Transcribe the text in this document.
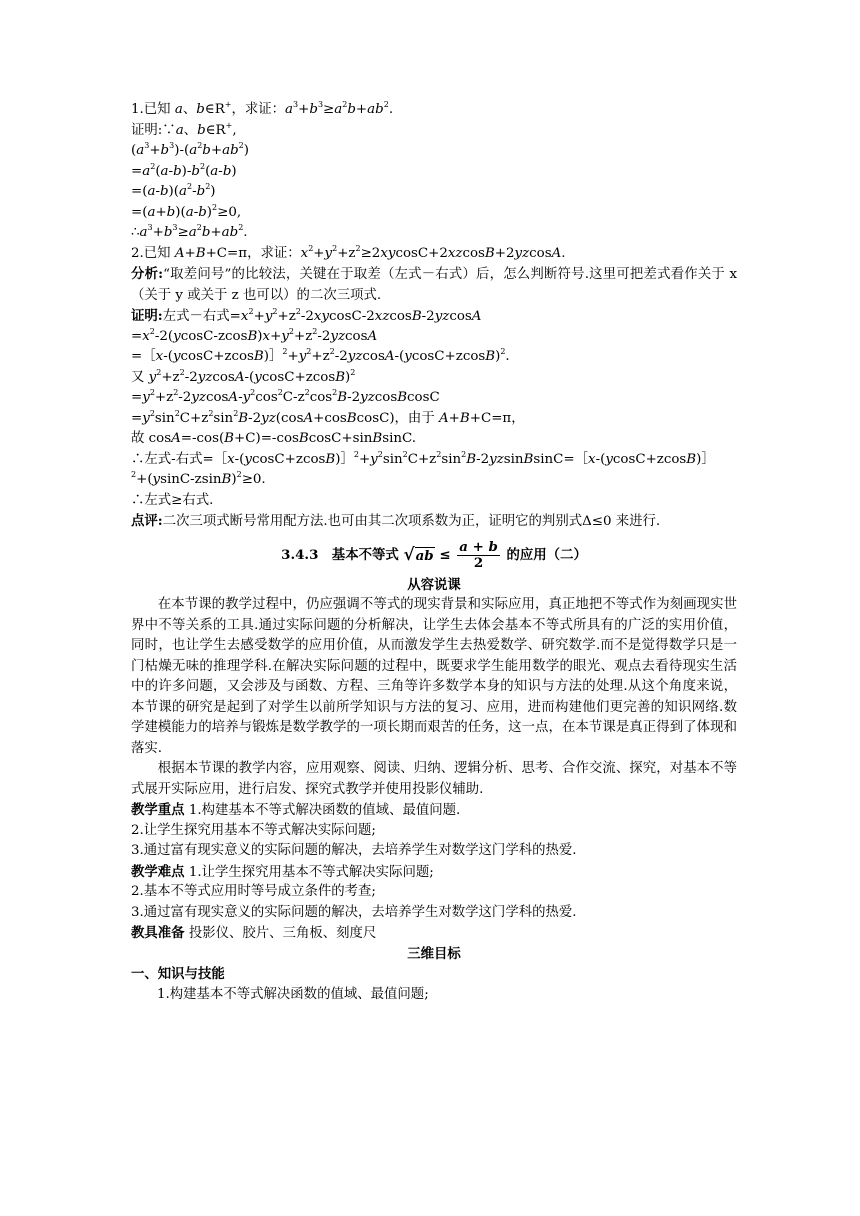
1.已知 a、b∈R+，求证：$a^3+b^3\ge a^2b+ab^2$.
证明:∵a、b∈R+,
$(a^3+b^3)-(a^2b+ab^2)$
$=a^2(a-b)-b^2(a-b)$
$=(a-b)(a^2-b^2)$
$=(a+b)(a-b)^2\ge 0$,
$\therefore a^3+b^3\ge a^2b+ab^2$.
2.已知 A+B+C=π，求证：$x^2+y^2+z^2\ge 2xycosC+2xzcosB+2yzcosA$.
分析:“取差问号”的比较法，关键在于取差（左式－右式）后，怎么判断符号.这里可把差式看作关于 x（关于 y 或关于 z 也可以）的二次三项式.
证明:左式－右式$=x^2+y^2+z^2-2xycosC-2xzcosB-2yzcosA$
$=x^2-2(ycosC-zcosB)x+y^2+z^2-2yzcosA$
$=[x-(ycosC+zcosB)]^2+y^2+z^2-2yzcosA-(ycosC+zcosB)^2$.
又 $y^2+z^2-2yzcosA-(ycosC+zcosB)^2$
$=y^2+z^2-2yzcosA-y^2\cos^2C-z^2\cos^2B-2yzcosBcosC$
$=y^2\sin^2C+z^2\sin^2B-2yz(\cos A+cosBcosC)$，由于 A+B+C=π，
故 cosA=-cos(B+C)=-cosBcosC+sinBsinC.
∴左式-右式$=[x-(ycosC+zcosB)]^2+y^2\sin^2C+z^2\sin^2B-2yzsinBsinC=[x-(ycosC+zcosB)]$
$^2+(ysinC-zsinB)^2\ge 0$.
∴左式≥右式.
点评:二次三项式断号常用配方法.也可由其二次项系数为正，证明它的判别式Δ≤0 来进行.
3.4.3　基本不等式 $√ab \le \frac{a + b}{2}$ 的应用（二）
从容说课
在本节课的教学过程中，仍应强调不等式的现实背景和实际应用，真正地把不等式作为刻画现实世界中不等关系的工具.通过实际问题的分析解决，让学生去体会基本不等式所具有的广泛的实用价值，同时，也让学生去感受数学的应用价值，从而激发学生去热爱数学、研究数学.而不是觉得数学只是一门枯燥无味的推理学科.在解决实际问题的过程中，既要求学生能用数学的眼光、观点去看待现实生活中的许多问题，又会涉及与函数、方程、三角等许多数学本身的知识与方法的处理.从这个角度来说，本节课的研究是起到了对学生以前所学知识与方法的复习、应用，进而构建他们更完善的知识网络.数学建模能力的培养与锻炼是数学教学的一项长期而艰苦的任务，这一点，在本节课是真正得到了体现和落实.
根据本节课的教学内容，应用观察、阅读、归纳、逻辑分析、思考、合作交流、探究，对基本不等式展开实际应用，进行启发、探究式教学并使用投影仪辅助.
教学重点 1.构建基本不等式解决函数的值域、最值问题.
2.让学生探究用基本不等式解决实际问题;
3.通过富有现实意义的实际问题的解决，去培养学生对数学这门学科的热爱.
教学难点 1.让学生探究用基本不等式解决实际问题;
2.基本不等式应用时等号成立条件的考查;
3.通过富有现实意义的实际问题的解决，去培养学生对数学这门学科的热爱.
教具准备 投影仪、胶片、三角板、刻度尺
三维目标
一、知识与技能
1.构建基本不等式解决函数的值域、最值问题;
